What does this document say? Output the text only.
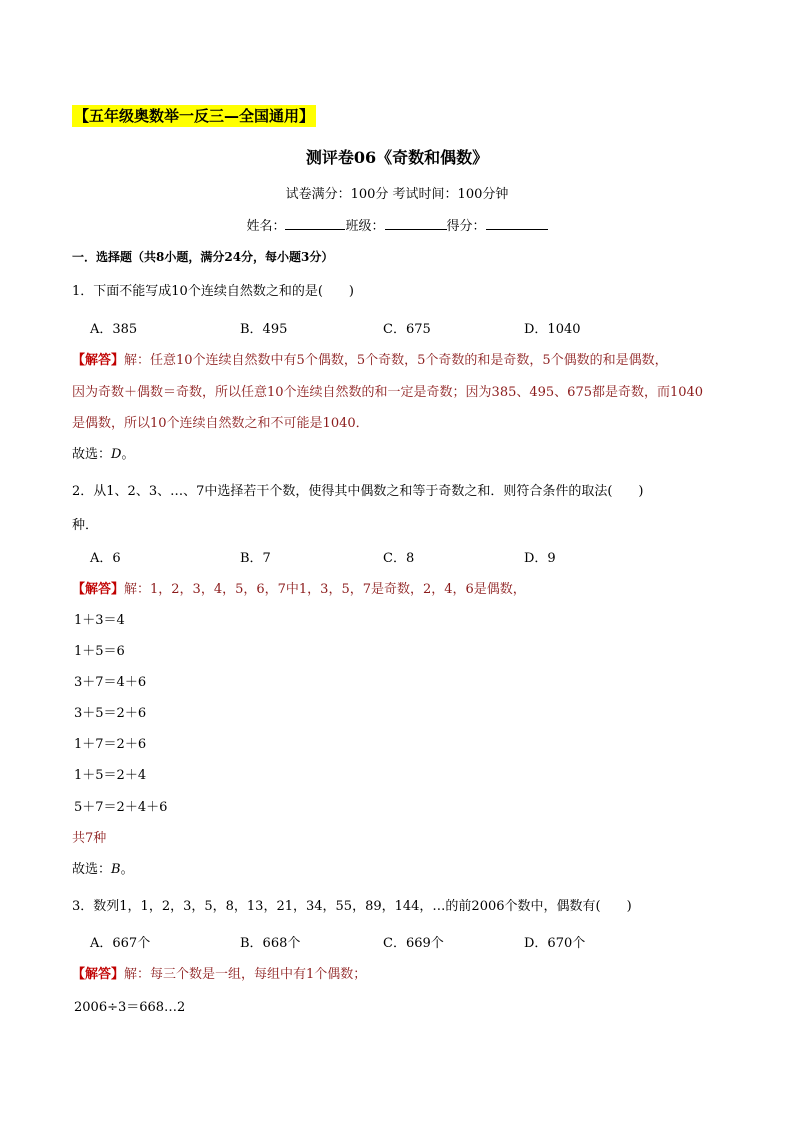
【五年级奥数举一反三—全国通用】
测评卷06《奇数和偶数》
试卷满分：100分 考试时间：100分钟
姓名：	班级：	得分：
一．选择题（共8小题，满分24分，每小题3分）
1．下面不能写成10个连续自然数之和的是(　　)
A．385	B．495	C．675	D．1040
【解答】解：任意10个连续自然数中有5个偶数，5个奇数，5个奇数的和是奇数，5个偶数的和是偶数，
因为奇数＋偶数＝奇数，所以任意10个连续自然数的和一定是奇数；因为385、495、675都是奇数，而1040
是偶数，所以10个连续自然数之和不可能是1040．
故选：D。
2．从1、2、3、…、7中选择若干个数，使得其中偶数之和等于奇数之和．则符合条件的取法(　　)
种．
A．6	B．7	C．8	D．9
【解答】解：1，2，3，4，5，6，7中1，3，5，7是奇数，2，4，6是偶数，
1＋3＝4
1＋5＝6
3＋7＝4＋6
3＋5＝2＋6
1＋7＝2＋6
1＋5＝2＋4
5＋7＝2＋4＋6
共7种
故选：B。
3．数列1，1，2，3，5，8，13，21，34，55，89，144，…的前2006个数中，偶数有(　　)
A．667个	B．668个	C．669个	D．670个
【解答】解：每三个数是一组，每组中有1个偶数；
2006÷3＝668…2
